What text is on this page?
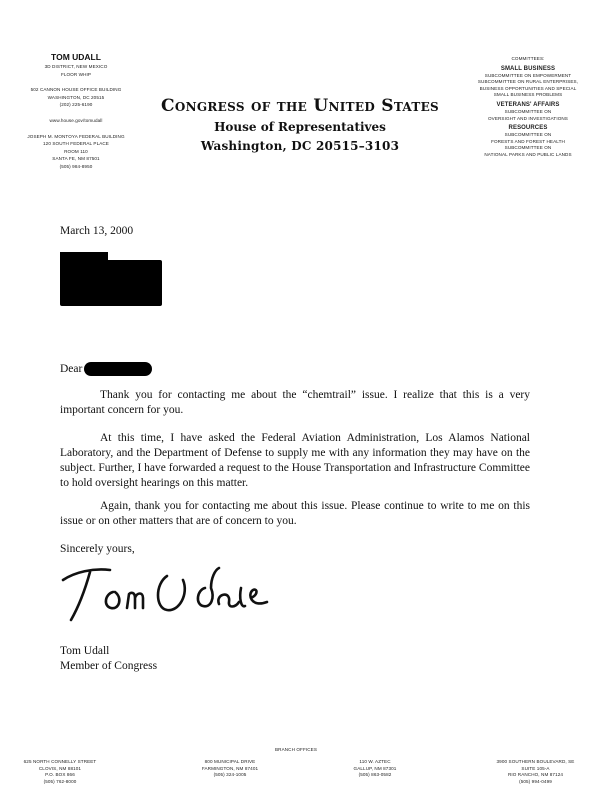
TOM UDALL
3D DISTRICT, NEW MEXICO
FLOOR WHIP
502 CANNON HOUSE OFFICE BUILDING
WASHINGTON, DC 20515
(202) 225-6190
www.house.gov/tomudall
JOSEPH M. MONTOYA FEDERAL BUILDING
120 SOUTH FEDERAL PLACE
ROOM 110
SANTA FE, NM 87501
(505) 984-8950
Congress of the United States
House of Representatives
Washington, DC 20515–3103
COMMITTEES:
SMALL BUSINESS
SUBCOMMITTEE ON EMPOWERMENT
SUBCOMMITTEE ON RURAL ENTERPRISES,
BUSINESS OPPORTUNITIES AND SPECIAL
SMALL BUSINESS PROBLEMS
VETERANS' AFFAIRS
SUBCOMMITTEE ON
OVERSIGHT AND INVESTIGATIONS
RESOURCES
SUBCOMMITTEE ON
FORESTS AND FOREST HEALTH
SUBCOMMITTEE ON
NATIONAL PARKS AND PUBLIC LANDS
March 13, 2000
Dear

Thank you for contacting me about the “chemtrail” issue. I realize that this is a very important concern for you.

At this time, I have asked the Federal Aviation Administration, Los Alamos National Laboratory, and the Department of Defense to supply me with any information they may have on the subject. Further, I have forwarded a request to the House Transportation and Infrastructure Committee to hold oversight hearings on this matter.

Again, thank you for contacting me about this issue. Please continue to write to me on this issue or on other matters that are of concern to you.

Sincerely yours,
Tom Udall
Tom Udall
Member of Congress
BRANCH OFFICES
625 NORTH CONNELLY STREET
CLOVIS, NM 88101
P.O. BOX 866
(505) 762-8000
800 MUNICIPAL DRIVE
FARMINGTON, NM 87401
(505) 324-1005
110 W. AZTEC
GALLUP, NM 87301
(505) 863-0582
3900 SOUTHERN BOULEVARD, SE
SUITE 105-A
RIO RANCHO, NM 87124
(505) 994-0499
